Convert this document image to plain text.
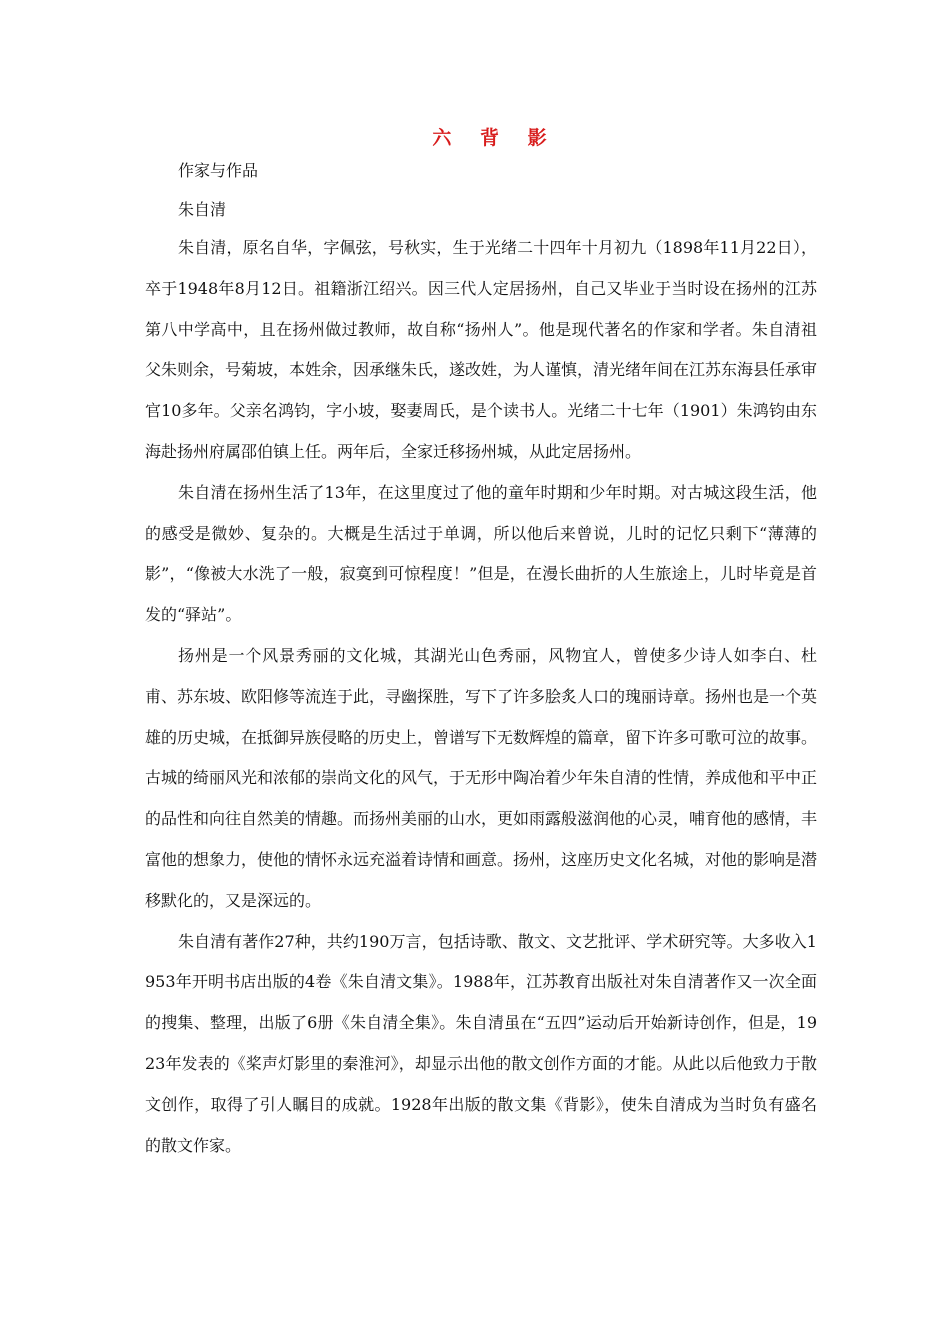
六 背 影

作家与作品

朱自清

朱自清，原名自华，字佩弦，号秋实，生于光绪二十四年十月初九（1898年11月22日），卒于1948年8月12日。祖籍浙江绍兴。因三代人定居扬州，自己又毕业于当时设在扬州的江苏第八中学高中，且在扬州做过教师，故自称“扬州人”。他是现代著名的作家和学者。朱自清祖父朱则余，号菊坡，本姓余，因承继朱氏，遂改姓，为人谨慎，清光绪年间在江苏东海县任承审官10多年。父亲名鸿钧，字小坡，娶妻周氏，是个读书人。光绪二十七年（1901）朱鸿钧由东海赴扬州府属邵伯镇上任。两年后，全家迁移扬州城，从此定居扬州。

朱自清在扬州生活了13年，在这里度过了他的童年时期和少年时期。对古城这段生活，他的感受是微妙、复杂的。大概是生活过于单调，所以他后来曾说，儿时的记忆只剩下“薄薄的影”，“像被大水洗了一般，寂寞到可惊程度！”但是，在漫长曲折的人生旅途上，儿时毕竟是首发的“驿站”。

扬州是一个风景秀丽的文化城，其湖光山色秀丽，风物宜人，曾使多少诗人如李白、杜甫、苏东坡、欧阳修等流连于此，寻幽探胜，写下了许多脍炙人口的瑰丽诗章。扬州也是一个英雄的历史城，在抵御异族侵略的历史上，曾谱写下无数辉煌的篇章，留下许多可歌可泣的故事。古城的绮丽风光和浓郁的崇尚文化的风气，于无形中陶冶着少年朱自清的性情，养成他和平中正的品性和向往自然美的情趣。而扬州美丽的山水，更如雨露般滋润他的心灵，哺育他的感情，丰富他的想象力，使他的情怀永远充溢着诗情和画意。扬州，这座历史文化名城，对他的影响是潜移默化的，又是深远的。

朱自清有著作27种，共约190万言，包括诗歌、散文、文艺批评、学术研究等。大多收入1953年开明书店出版的4卷《朱自清文集》。1988年，江苏教育出版社对朱自清著作又一次全面的搜集、整理，出版了6册《朱自清全集》。朱自清虽在“五四”运动后开始新诗创作，但是，1923年发表的《桨声灯影里的秦淮河》，却显示出他的散文创作方面的才能。从此以后他致力于散文创作，取得了引人瞩目的成就。1928年出版的散文集《背影》，使朱自清成为当时负有盛名的散文作家。
